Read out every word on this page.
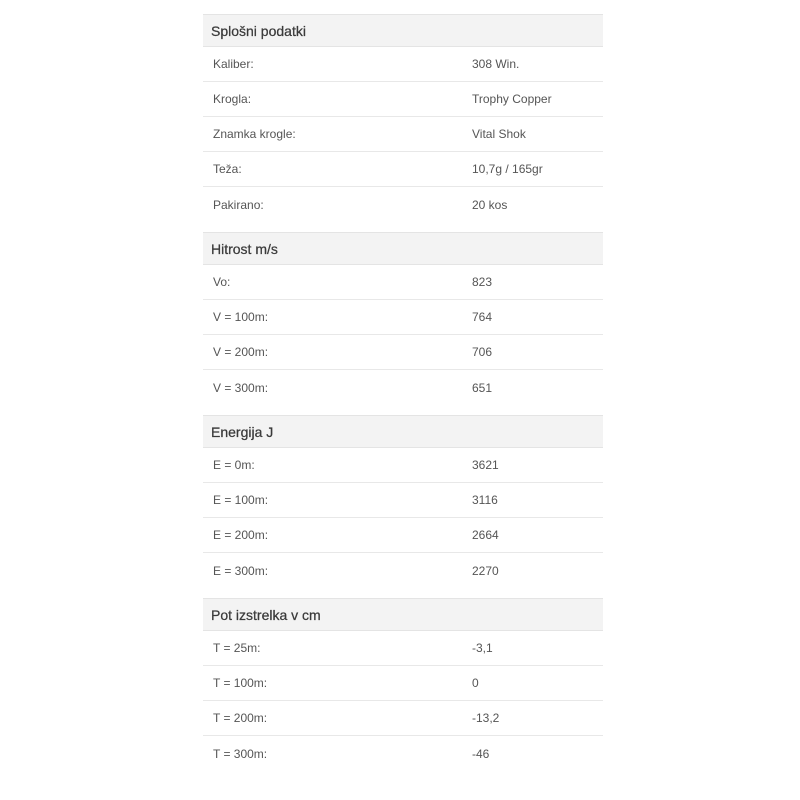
Splošni podatki
Kaliber:	308 Win.
Krogla:	Trophy Copper
Znamka krogle:	Vital Shok
Teža:	10,7g / 165gr
Pakirano:	20 kos
Hitrost m/s
Vo:	823
V = 100m:	764
V = 200m:	706
V = 300m:	651
Energija J
E = 0m:	3621
E = 100m:	3116
E = 200m:	2664
E = 300m:	2270
Pot izstrelka v cm
T = 25m:	-3,1
T = 100m:	0
T = 200m:	-13,2
T = 300m:	-46
